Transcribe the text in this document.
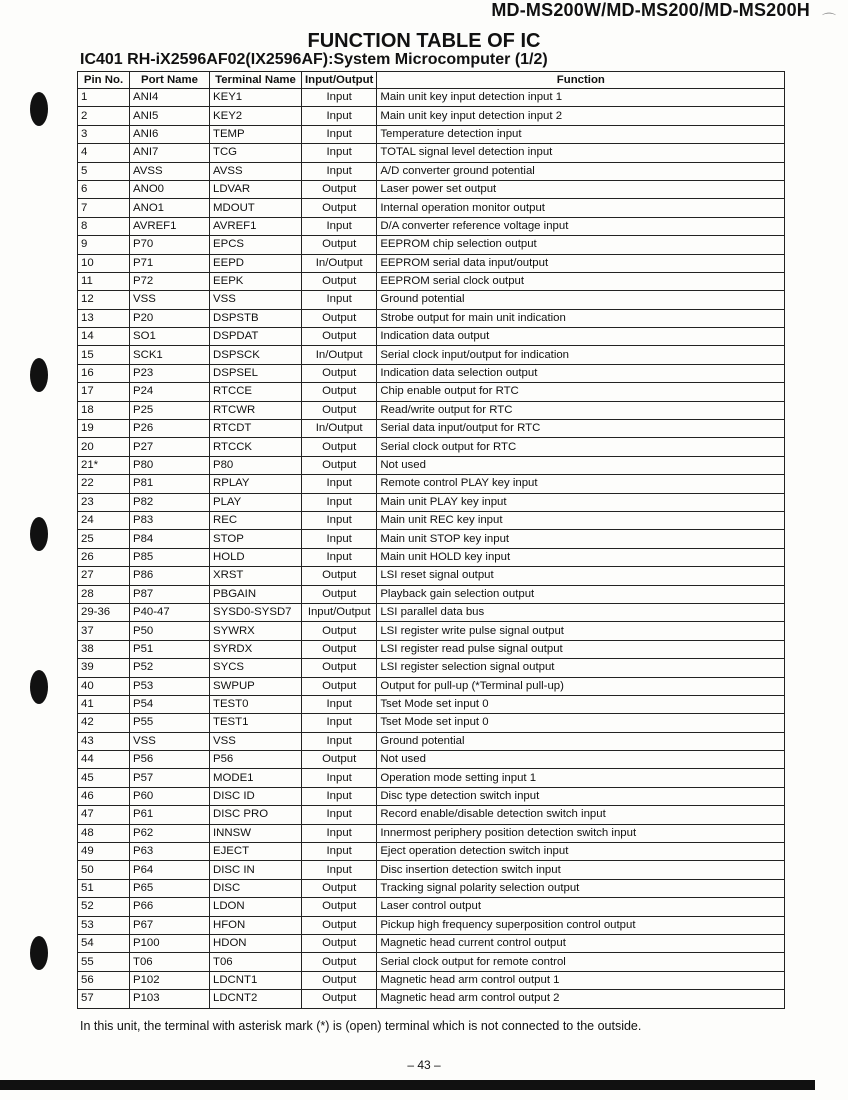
MD-MS200W/MD-MS200/MD-MS200H ⌒
FUNCTION TABLE OF IC
IC401 RH-iX2596AF02(IX2596AF):System Microcomputer (1/2)
Pin No.	Port Name	Terminal Name	Input/Output	Function
1	ANI4	KEY1	Input	Main unit key input detection input 1
2	ANI5	KEY2	Input	Main unit key input detection input 2
3	ANI6	TEMP	Input	Temperature detection input
4	ANI7	TCG	Input	TOTAL signal level detection input
5	AVSS	AVSS	Input	A/D converter ground potential
6	ANO0	LDVAR	Output	Laser power set output
7	ANO1	MDOUT	Output	Internal operation monitor output
8	AVREF1	AVREF1	Input	D/A converter reference voltage input
9	P70	EPCS	Output	EEPROM chip selection output
10	P71	EEPD	In/Output	EEPROM serial data input/output
11	P72	EEPK	Output	EEPROM serial clock output
12	VSS	VSS	Input	Ground potential
13	P20	DSPSTB	Output	Strobe output for main unit indication
14	SO1	DSPDAT	Output	Indication data output
15	SCK1	DSPSCK	In/Output	Serial clock input/output for indication
16	P23	DSPSEL	Output	Indication data selection output
17	P24	RTCCE	Output	Chip enable output for RTC
18	P25	RTCWR	Output	Read/write output for RTC
19	P26	RTCDT	In/Output	Serial data input/output for RTC
20	P27	RTCCK	Output	Serial clock output for RTC
21*	P80	P80	Output	Not used
22	P81	RPLAY	Input	Remote control PLAY key input
23	P82	PLAY	Input	Main unit PLAY key input
24	P83	REC	Input	Main unit REC key input
25	P84	STOP	Input	Main unit STOP key input
26	P85	HOLD	Input	Main unit HOLD key input
27	P86	XRST	Output	LSI reset signal output
28	P87	PBGAIN	Output	Playback gain selection output
29-36	P40-47	SYSD0-SYSD7	Input/Output	LSI parallel data bus
37	P50	SYWRX	Output	LSI register write pulse signal output
38	P51	SYRDX	Output	LSI register read pulse signal output
39	P52	SYCS	Output	LSI register selection signal output
40	P53	SWPUP	Output	Output for pull-up (*Terminal pull-up)
41	P54	TEST0	Input	Tset Mode set input 0
42	P55	TEST1	Input	Tset Mode set input 0
43	VSS	VSS	Input	Ground potential
44	P56	P56	Output	Not used
45	P57	MODE1	Input	Operation mode setting input 1
46	P60	DISC ID	Input	Disc type detection switch input
47	P61	DISC PRO	Input	Record enable/disable detection switch input
48	P62	INNSW	Input	Innermost periphery position detection switch input
49	P63	EJECT	Input	Eject operation detection switch input
50	P64	DISC IN	Input	Disc insertion detection switch input
51	P65	DISC	Output	Tracking signal polarity selection output
52	P66	LDON	Output	Laser control output
53	P67	HFON	Output	Pickup high frequency superposition control output
54	P100	HDON	Output	Magnetic head current control output
55	T06	T06	Output	Serial clock output for remote control
56	P102	LDCNT1	Output	Magnetic head arm control output 1
57	P103	LDCNT2	Output	Magnetic head arm control output 2
In this unit, the terminal with asterisk mark (*) is (open) terminal which is not connected to the outside.
– 43 –
